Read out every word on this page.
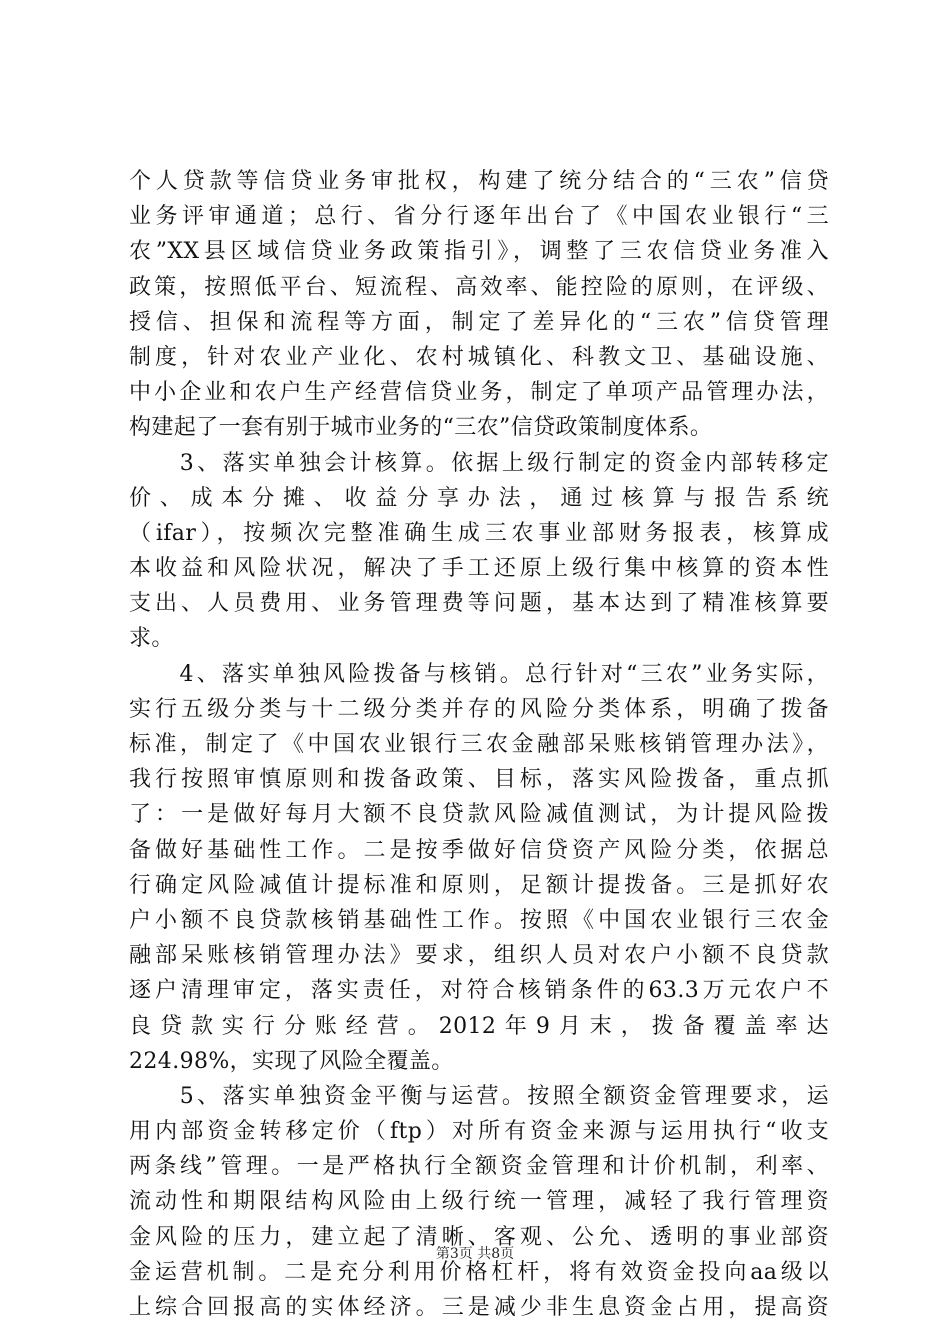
个人贷款等信贷业务审批权，构建了统分结合的“三农”信贷
业务评审通道；总行、省分行逐年出台了《中国农业银行“三
农”XX县区域信贷业务政策指引》，调整了三农信贷业务准入
政策，按照低平台、短流程、高效率、能控险的原则，在评级、
授信、担保和流程等方面，制定了差异化的“三农”信贷管理
制度，针对农业产业化、农村城镇化、科教文卫、基础设施、
中小企业和农户生产经营信贷业务，制定了单项产品管理办法，
构建起了一套有别于城市业务的“三农”信贷政策制度体系。
　　3、落实单独会计核算。依据上级行制定的资金内部转移定
价、成本分摊、收益分享办法，通过核算与报告系统
（ifar），按频次完整准确生成三农事业部财务报表，核算成
本收益和风险状况，解决了手工还原上级行集中核算的资本性
支出、人员费用、业务管理费等问题，基本达到了精准核算要
求。
　　4、落实单独风险拨备与核销。总行针对“三农”业务实际，
实行五级分类与十二级分类并存的风险分类体系，明确了拨备
标准，制定了《中国农业银行三农金融部呆账核销管理办法》，
我行按照审慎原则和拨备政策、目标，落实风险拨备，重点抓
了：一是做好每月大额不良贷款风险减值测试，为计提风险拨
备做好基础性工作。二是按季做好信贷资产风险分类，依据总
行确定风险减值计提标准和原则，足额计提拨备。三是抓好农
户小额不良贷款核销基础性工作。按照《中国农业银行三农金
融部呆账核销管理办法》要求，组织人员对农户小额不良贷款
逐户清理审定，落实责任，对符合核销条件的63.3万元农户不
良贷款实行分账经营。2012年9月末，拨备覆盖率达
224.98%，实现了风险全覆盖。
　　5、落实单独资金平衡与运营。按照全额资金管理要求，运
用内部资金转移定价（ftp）对所有资金来源与运用执行“收支
两条线”管理。一是严格执行全额资金管理和计价机制，利率、
流动性和期限结构风险由上级行统一管理，减轻了我行管理资
金风险的压力，建立起了清晰、客观、公允、透明的事业部资
金运营机制。二是充分利用价格杠杆，将有效资金投向aa级以
上综合回报高的实体经济。三是减少非生息资金占用，提高资
第3页 共8页
